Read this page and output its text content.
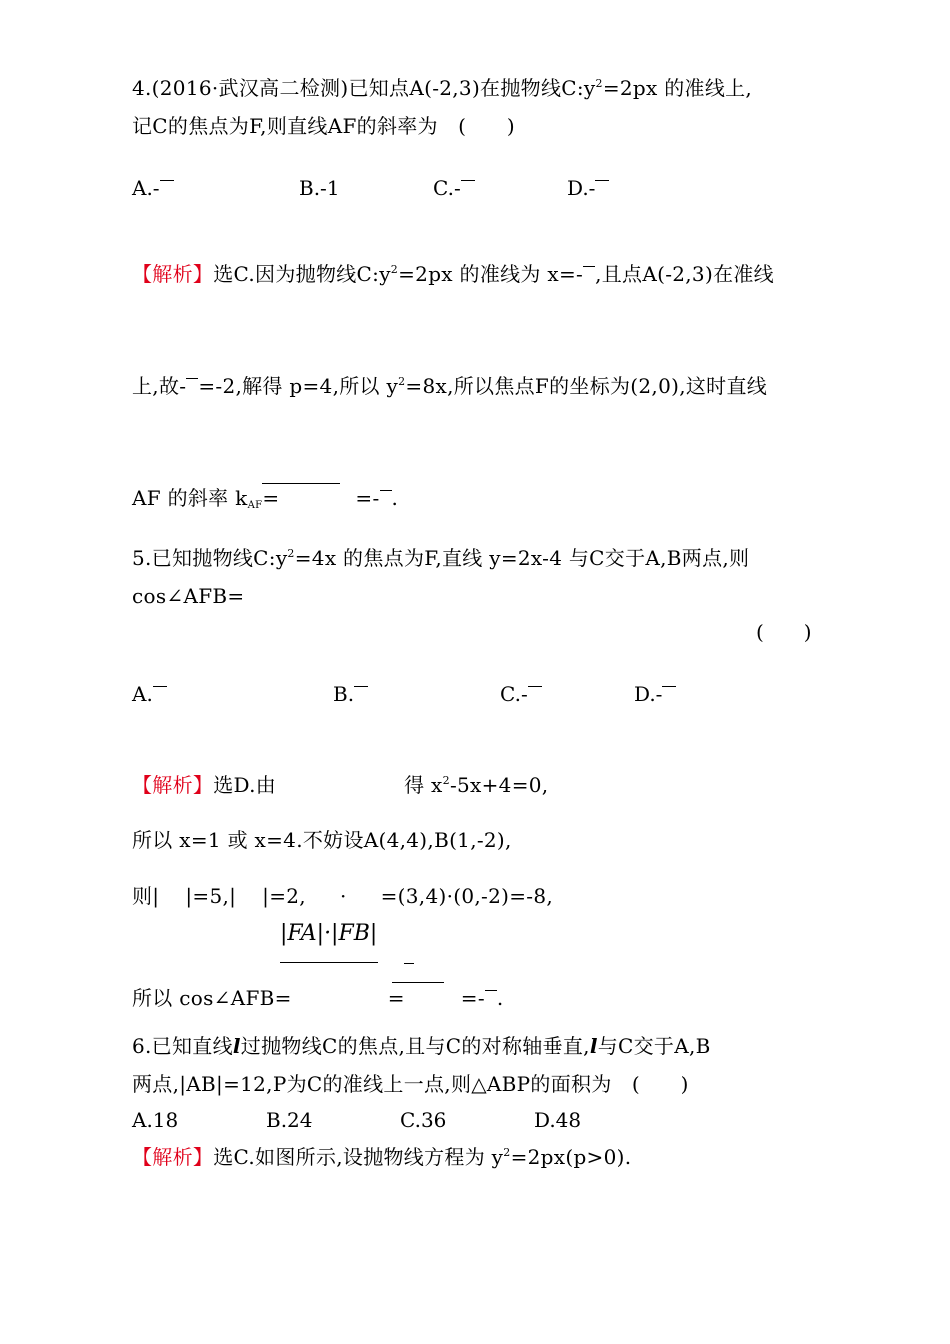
4.(2016·武汉高二检测)已知点A(-2,3)在抛物线$C:y^2=2px$ 的准线上,
记C的焦点为F,则直线AF的斜率为　(　　)
A.-	B.-1	C.-	D.-
【解析】选C.因为抛物线$C:y^2=2px$ 的准线为 x=- ,且点A(-2,3)在准线
上,故- =-2,解得 p=4,所以 $y^2=8x$,所以焦点F的坐标为(2,0),这时直线
AF 的斜率 $k_{AF}=$	=- .
5.已知抛物线$C:y^2=4x$ 的焦点为F,直线 y=2x-4 与C交于A,B两点,则
cos∠AFB=
(　　)
A.	B.	C.-	D.-
【解析】选D.由	得 $x^2-5x+4=0$,
所以 x=1 或 x=4.不妨设A(4,4),B(1,-2),
则| |=5,| |=2, · =(3,4)·(0,-2)=-8,
|FA|·|FB|
所以 cos∠AFB=	=	=- .
6.已知直线l过抛物线C的焦点,且与C的对称轴垂直,l与C交于A,B
两点,|AB|=12,P为C的准线上一点,则△ABP的面积为　(　　)
A.18	B.24	C.36	D.48
【解析】选C.如图所示,设抛物线方程为 $y^2=2px(p>0)$.
